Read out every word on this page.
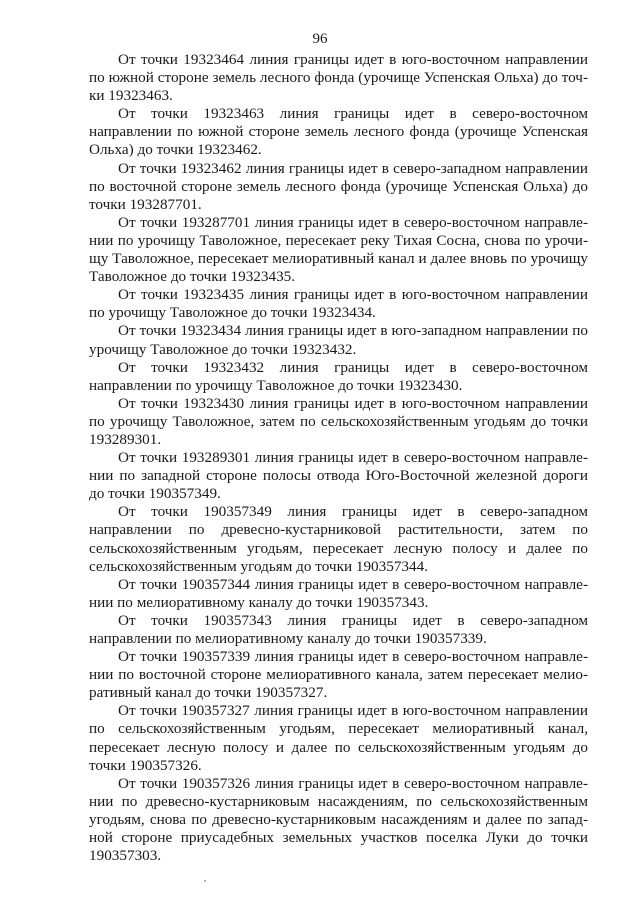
96

От точки 19323464 линия границы идет в юго-восточном направлении по южной стороне земель лесного фонда (урочище Успенская Ольха) до точки 19323463.

От точки 19323463 линия границы идет в северо-восточном направлении по южной стороне земель лесного фонда (урочище Успенская Ольха) до точки 19323462.

От точки 19323462 линия границы идет в северо-западном направлении по восточной стороне земель лесного фонда (урочище Успенская Ольха) до точки 193287701.

От точки 193287701 линия границы идет в северо-восточном направлении по урочищу Таволожное, пересекает реку Тихая Сосна, снова по урочищу Таволожное, пересекает мелиоративный канал и далее вновь по урочищу Таволожное до точки 19323435.

От точки 19323435 линия границы идет в юго-восточном направлении по урочищу Таволожное до точки 19323434.

От точки 19323434 линия границы идет в юго-западном направлении по урочищу Таволожное до точки 19323432.

От точки 19323432 линия границы идет в северо-восточном направлении по урочищу Таволожное до точки 19323430.

От точки 19323430 линия границы идет в юго-восточном направлении по урочищу Таволожное, затем по сельскохозяйственным угодьям до точки 193289301.

От точки 193289301 линия границы идет в северо-восточном направлении по западной стороне полосы отвода Юго-Восточной железной дороги до точки 190357349.

От точки 190357349 линия границы идет в северо-западном направлении по древесно-кустарниковой растительности, затем по сельскохозяйственным угодьям, пересекает лесную полосу и далее по сельскохозяйственным угодьям до точки 190357344.

От точки 190357344 линия границы идет в северо-восточном направлении по мелиоративному каналу до точки 190357343.

От точки 190357343 линия границы идет в северо-западном направлении по мелиоративному каналу до точки 190357339.

От точки 190357339 линия границы идет в северо-восточном направлении по восточной стороне мелиоративного канала, затем пересекает мелиоративный канал до точки 190357327.

От точки 190357327 линия границы идет в юго-восточном направлении по сельскохозяйственным угодьям, пересекает мелиоративный канал, пересекает лесную полосу и далее по сельскохозяйственным угодьям до точки 190357326.

От точки 190357326 линия границы идет в северо-восточном направлении по древесно-кустарниковым насаждениям, по сельскохозяйственным угодьям, снова по древесно-кустарниковым насаждениям и далее по западной стороне приусадебных земельных участков поселка Луки до точки 190357303.
